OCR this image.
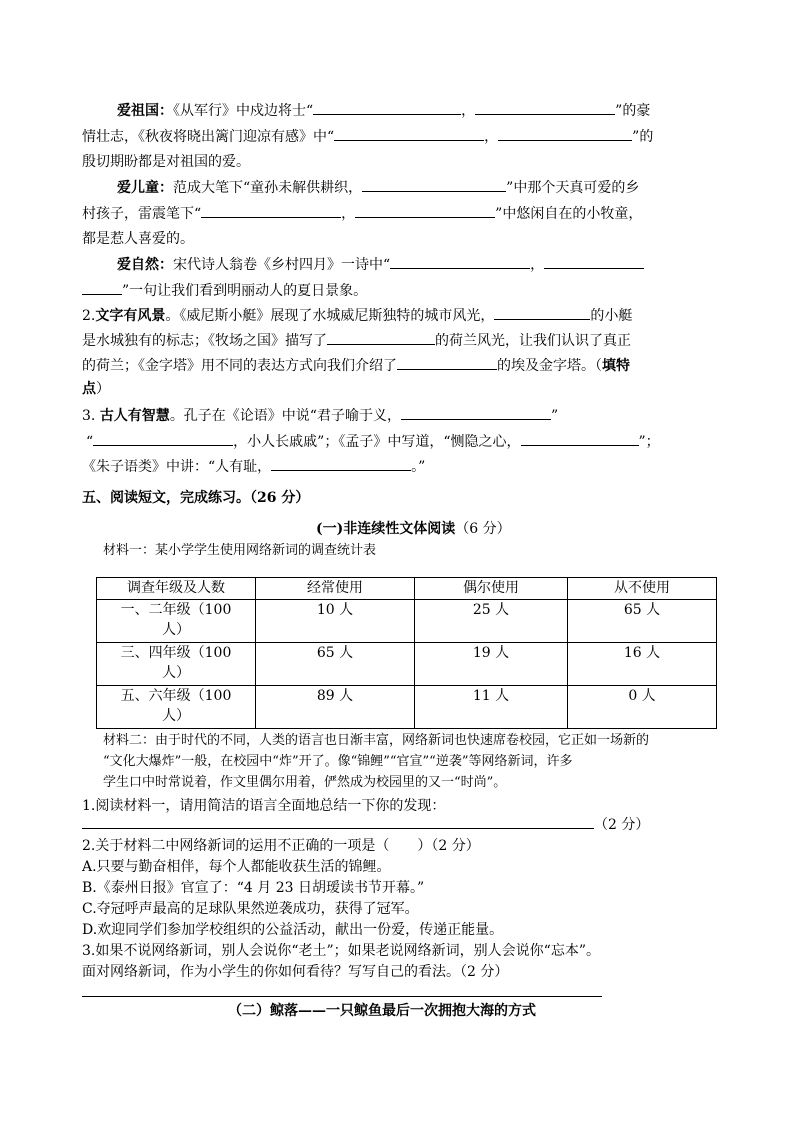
爱祖国：《从军行》中戍边将士“	，	”的豪
情壮志，《秋夜将晓出篱门迎凉有感》中“	，	”的
殷切期盼都是对祖国的爱。
爱儿童：范成大笔下“童孙未解供耕织，	”中那个天真可爱的乡
村孩子，雷震笔下“	，	”中悠闲自在的小牧童，
都是惹人喜爱的。
爱自然：宋代诗人翁卷《乡村四月》一诗中“	，
”一句让我们看到明丽动人的夏日景象。
2.文字有风景。《威尼斯小艇》展现了水城威尼斯独特的城市风光，	的小艇
是水城独有的标志；《牧场之国》描写了	的荷兰风光，让我们认识了真正
的荷兰；《金字塔》用不同的表达方式向我们介绍了	的埃及金字塔。（填特
点）
3. 古人有智慧。孔子在《论语》中说“君子喻于义，	”
“	，小人长戚戚”；《孟子》中写道，“恻隐之心，	”；
《朱子语类》中讲：“人有耻，	。”
五、阅读短文，完成练习。（26 分）
(一)非连续性文体阅读（6 分）
材料一：某小学学生使用网络新词的调查统计表
调查年级及人数	经常使用	偶尔使用	从不使用
一、二年级（100
人）	10 人	25 人	65 人
三、四年级（100
人）	65 人	19 人	16 人
五、六年级（100
人）	89 人	11 人	0 人
材料二：由于时代的不同，人类的语言也日渐丰富，网络新词也快速席卷校园，它正如一场新的
“文化大爆炸”一般，在校园中“炸”开了。像“锦鲤”“官宣”“逆袭”等网络新词，许多
学生口中时常说着，作文里偶尔用着，俨然成为校园里的又一“时尚”。
1.阅读材料一，请用简洁的语言全面地总结一下你的发现：
（2 分）
2.关于材料二中网络新词的运用不正确的一项是（　　）（2 分）
A.只要与勤奋相伴，每个人都能收获生活的锦鲤。
B.《泰州日报》官宣了：“4 月 23 日胡瑷读书节开幕。”
C.夺冠呼声最高的足球队果然逆袭成功，获得了冠军。
D.欢迎同学们参加学校组织的公益活动，献出一份爱，传递正能量。
3.如果不说网络新词，别人会说你“老土”；如果老说网络新词，别人会说你“忘本”。
面对网络新词，作为小学生的你如何看待？写写自己的看法。（2 分）
（二）鲸落——一只鲸鱼最后一次拥抱大海的方式
